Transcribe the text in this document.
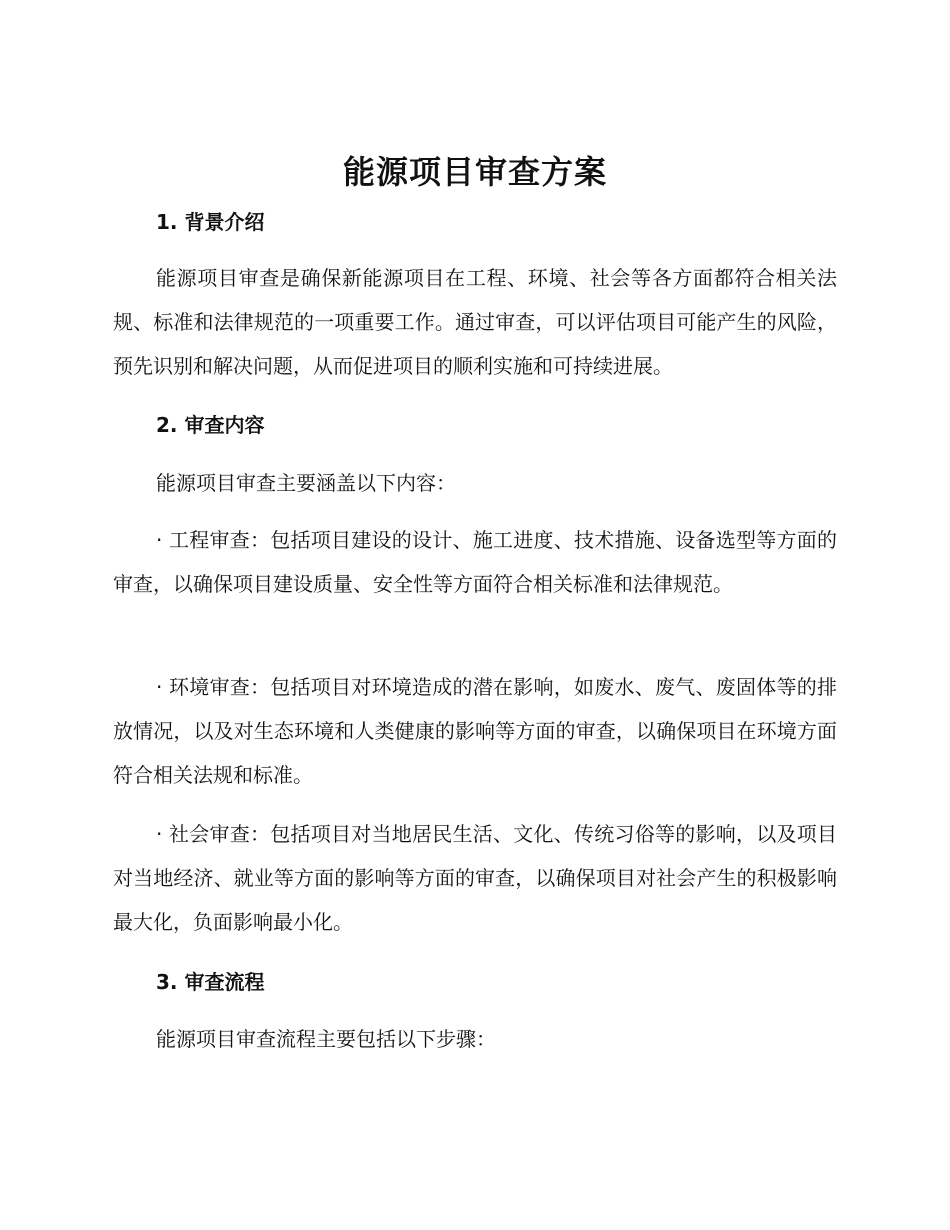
能源项目审查方案
1. 背景介绍

能源项目审查是确保新能源项目在工程、环境、社会等各方面都符合相关法规、标准和法律规范的一项重要工作。通过审查，可以评估项目可能产生的风险，预先识别和解决问题，从而促进项目的顺利实施和可持续进展。

2. 审查内容

能源项目审查主要涵盖以下内容：

· 工程审查：包括项目建设的设计、施工进度、技术措施、设备选型等方面的审查，以确保项目建设质量、安全性等方面符合相关标准和法律规范。

· 环境审查：包括项目对环境造成的潜在影响，如废水、废气、废固体等的排放情况，以及对生态环境和人类健康的影响等方面的审查，以确保项目在环境方面符合相关法规和标准。

· 社会审查：包括项目对当地居民生活、文化、传统习俗等的影响，以及项目对当地经济、就业等方面的影响等方面的审查，以确保项目对社会产生的积极影响最大化，负面影响最小化。

3. 审查流程

能源项目审查流程主要包括以下步骤：
